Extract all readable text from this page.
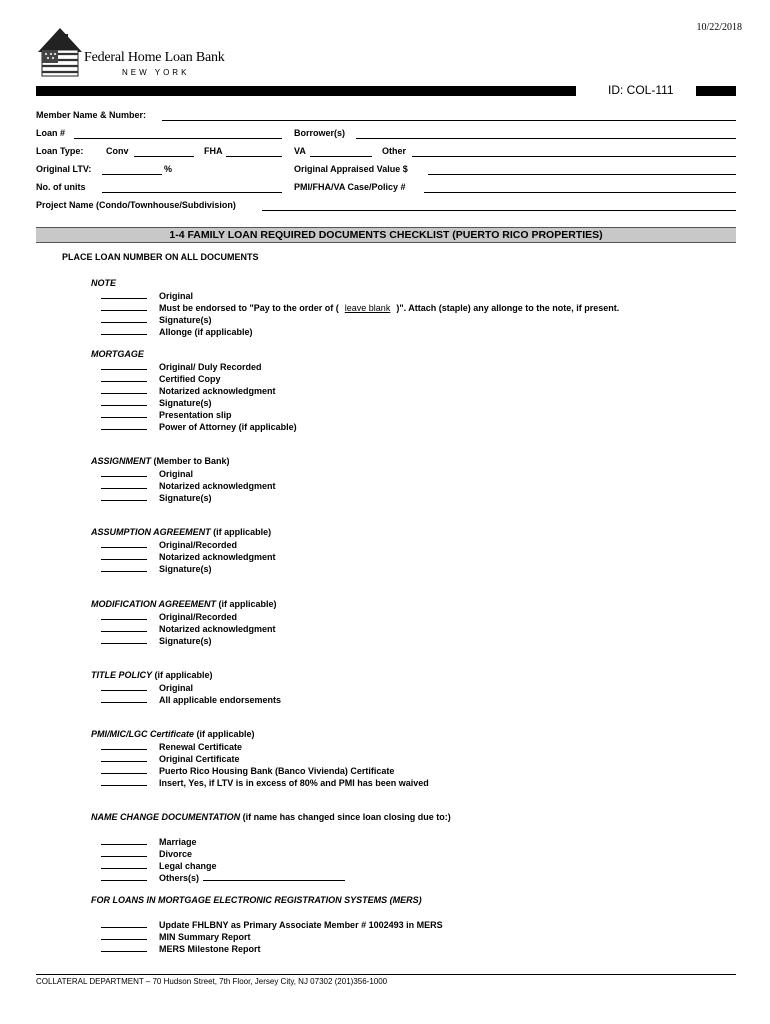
10/22/2018
Federal Home Loan Bank
NEW YORK
ID: COL-111
Member Name & Number:
Loan #	Borrower(s)
Loan Type:	Conv	FHA	VA	Other
Original LTV:	%	Original Appraised Value $
No. of units	PMI/FHA/VA Case/Policy #
Project Name (Condo/Townhouse/Subdivision)
1-4 FAMILY LOAN REQUIRED DOCUMENTS CHECKLIST (PUERTO RICO PROPERTIES)
PLACE LOAN NUMBER ON ALL DOCUMENTS
NOTE
Original
Must be endorsed to "Pay to the order of ( leave blank )". Attach (staple) any allonge to the note, if present.
Signature(s)
Allonge (if applicable)
MORTGAGE
Original/ Duly Recorded
Certified Copy
Notarized acknowledgment
Signature(s)
Presentation slip
Power of Attorney (if applicable)
ASSIGNMENT (Member to Bank)
Original
Notarized acknowledgment
Signature(s)
ASSUMPTION AGREEMENT (if applicable)
Original/Recorded
Notarized acknowledgment
Signature(s)
MODIFICATION AGREEMENT (if applicable)
Original/Recorded
Notarized acknowledgment
Signature(s)
TITLE POLICY (if applicable)
Original
All applicable endorsements
PMI/MIC/LGC Certificate (if applicable)
Renewal Certificate
Original Certificate
Puerto Rico Housing Bank (Banco Vivienda) Certificate
Insert, Yes, if LTV is in excess of 80% and PMI has been waived
NAME CHANGE DOCUMENTATION (if name has changed since loan closing due to:)
Marriage
Divorce
Legal change
Others(s)
FOR LOANS IN MORTGAGE ELECTRONIC REGISTRATION SYSTEMS (MERS)
Update FHLBNY as Primary Associate Member # 1002493 in MERS
MIN Summary Report
MERS Milestone Report
COLLATERAL DEPARTMENT – 70 Hudson Street, 7th Floor, Jersey City, NJ 07302 (201)356-1000
